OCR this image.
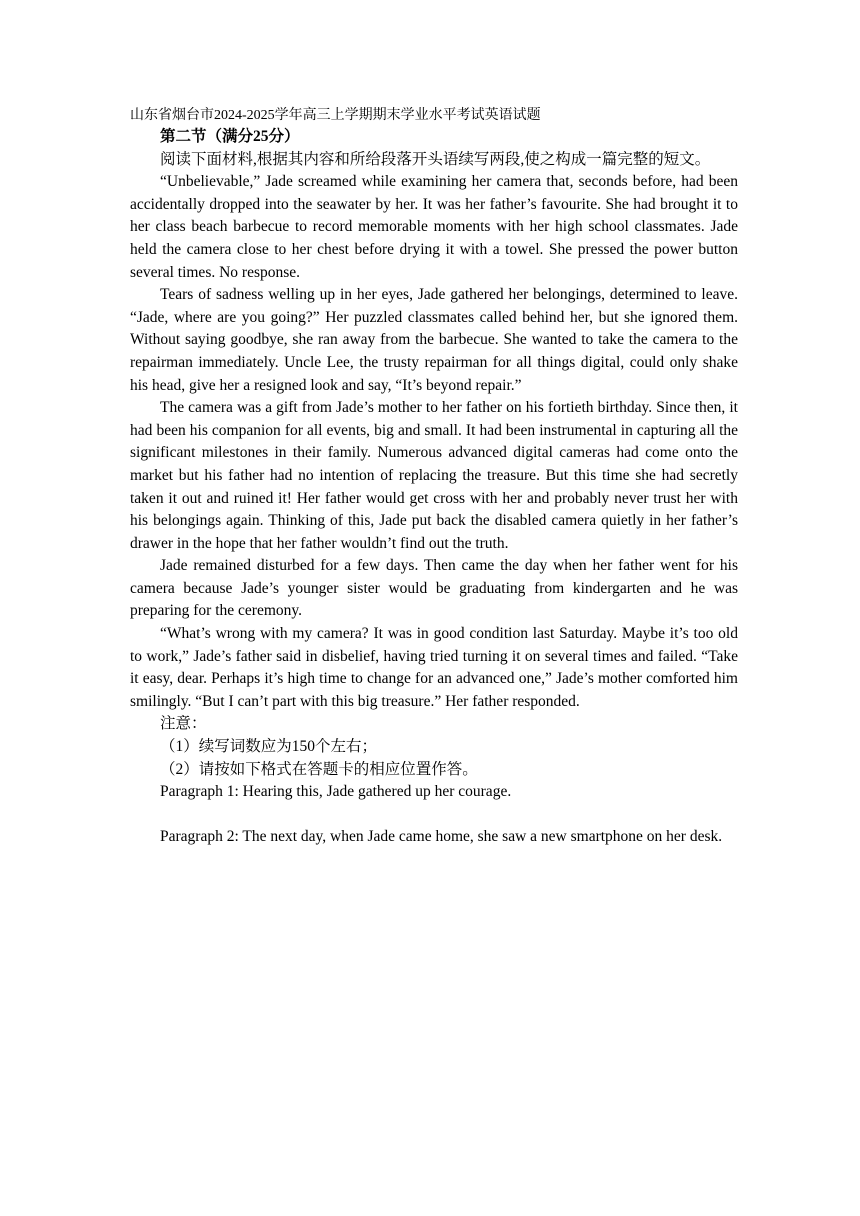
山东省烟台市2024-2025学年高三上学期期末学业水平考试英语试题

第二节（满分25分）

阅读下面材料,根据其内容和所给段落开头语续写两段,使之构成一篇完整的短文。

“Unbelievable,” Jade screamed while examining her camera that, seconds before, had been accidentally dropped into the seawater by her. It was her father’s favourite. She had brought it to her class beach barbecue to record memorable moments with her high school classmates. Jade held the camera close to her chest before drying it with a towel. She pressed the power button several times. No response.

Tears of sadness welling up in her eyes, Jade gathered her belongings, determined to leave. “Jade, where are you going?” Her puzzled classmates called behind her, but she ignored them. Without saying goodbye, she ran away from the barbecue. She wanted to take the camera to the repairman immediately. Uncle Lee, the trusty repairman for all things digital, could only shake his head, give her a resigned look and say, “It’s beyond repair.”

The camera was a gift from Jade’s mother to her father on his fortieth birthday. Since then, it had been his companion for all events, big and small. It had been instrumental in capturing all the significant milestones in their family. Numerous advanced digital cameras had come onto the market but his father had no intention of replacing the treasure. But this time she had secretly taken it out and ruined it! Her father would get cross with her and probably never trust her with his belongings again. Thinking of this, Jade put back the disabled camera quietly in her father’s drawer in the hope that her father wouldn’t find out the truth.

Jade remained disturbed for a few days. Then came the day when her father went for his camera because Jade’s younger sister would be graduating from kindergarten and he was preparing for the ceremony.

“What’s wrong with my camera? It was in good condition last Saturday. Maybe it’s too old to work,” Jade’s father said in disbelief, having tried turning it on several times and failed. “Take it easy, dear. Perhaps it’s high time to change for an advanced one,” Jade’s mother comforted him smilingly. “But I can’t part with this big treasure.” Her father responded.

注意：

（1）续写词数应为150个左右；

（2）请按如下格式在答题卡的相应位置作答。

Paragraph 1: Hearing this, Jade gathered up her courage.

Paragraph 2: The next day, when Jade came home, she saw a new smartphone on her desk.
